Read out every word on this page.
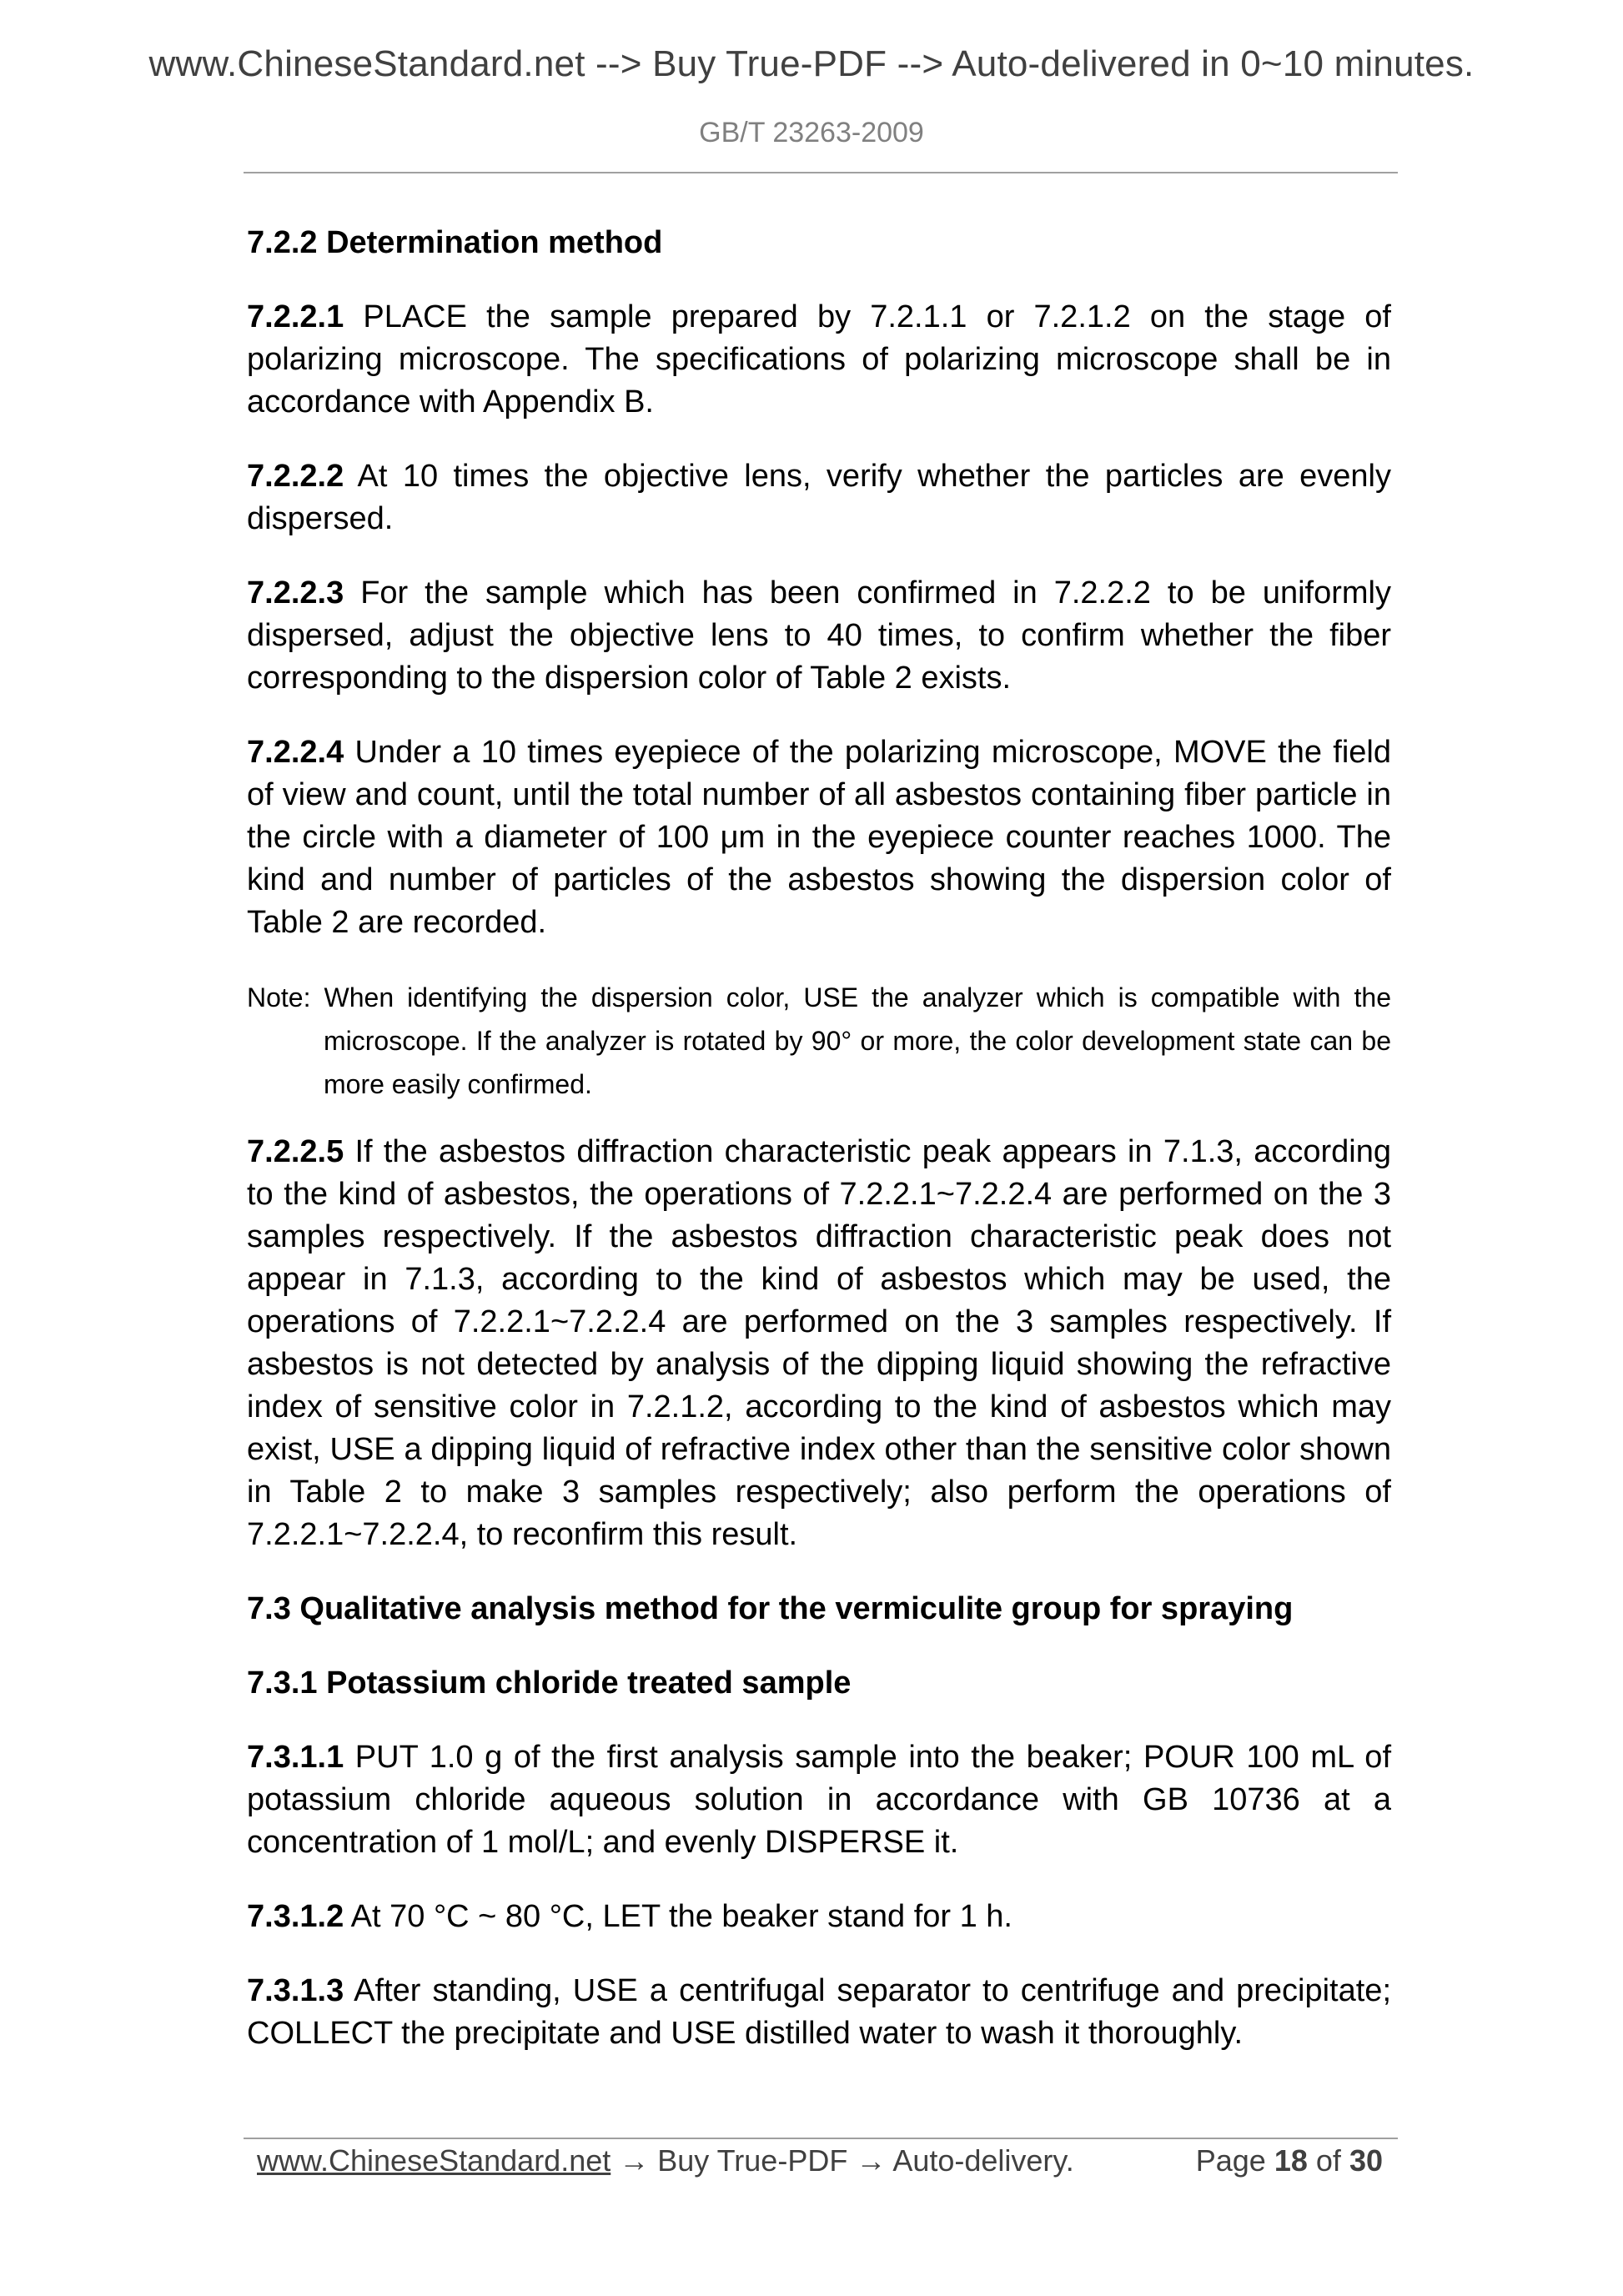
www.ChineseStandard.net --> Buy True-PDF --> Auto-delivered in 0~10 minutes.
GB/T 23263-2009

7.2.2 Determination method

7.2.2.1 PLACE the sample prepared by 7.2.1.1 or 7.2.1.2 on the stage of polarizing microscope. The specifications of polarizing microscope shall be in accordance with Appendix B.

7.2.2.2 At 10 times the objective lens, verify whether the particles are evenly dispersed.

7.2.2.3 For the sample which has been confirmed in 7.2.2.2 to be uniformly dispersed, adjust the objective lens to 40 times, to confirm whether the fiber corresponding to the dispersion color of Table 2 exists.

7.2.2.4 Under a 10 times eyepiece of the polarizing microscope, MOVE the field of view and count, until the total number of all asbestos containing fiber particle in the circle with a diameter of 100 μm in the eyepiece counter reaches 1000. The kind and number of particles of the asbestos showing the dispersion color of Table 2 are recorded.

Note: When identifying the dispersion color, USE the analyzer which is compatible with the microscope. If the analyzer is rotated by 90° or more, the color development state can be more easily confirmed.

7.2.2.5 If the asbestos diffraction characteristic peak appears in 7.1.3, according to the kind of asbestos, the operations of 7.2.2.1~7.2.2.4 are performed on the 3 samples respectively. If the asbestos diffraction characteristic peak does not appear in 7.1.3, according to the kind of asbestos which may be used, the operations of 7.2.2.1~7.2.2.4 are performed on the 3 samples respectively. If asbestos is not detected by analysis of the dipping liquid showing the refractive index of sensitive color in 7.2.1.2, according to the kind of asbestos which may exist, USE a dipping liquid of refractive index other than the sensitive color shown in Table 2 to make 3 samples respectively; also perform the operations of 7.2.2.1~7.2.2.4, to reconfirm this result.

7.3 Qualitative analysis method for the vermiculite group for spraying

7.3.1 Potassium chloride treated sample

7.3.1.1 PUT 1.0 g of the first analysis sample into the beaker; POUR 100 mL of potassium chloride aqueous solution in accordance with GB 10736 at a concentration of 1 mol/L; and evenly DISPERSE it.

7.3.1.2 At 70 °C ~ 80 °C, LET the beaker stand for 1 h.

7.3.1.3 After standing, USE a centrifugal separator to centrifuge and precipitate; COLLECT the precipitate and USE distilled water to wash it thoroughly.

www.ChineseStandard.net → Buy True-PDF → Auto-delivery.	Page 18 of 30
